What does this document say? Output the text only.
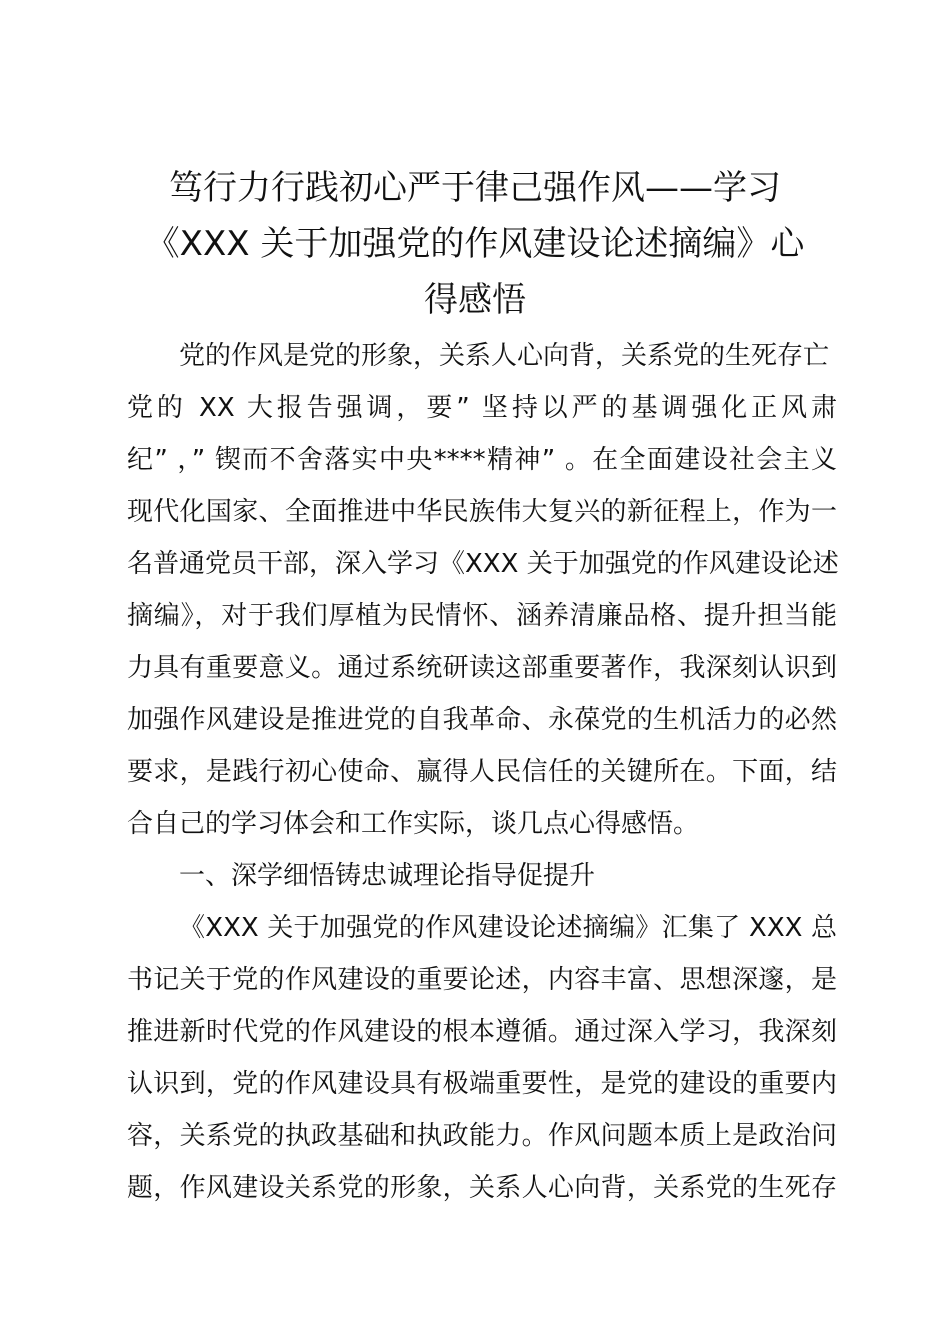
笃行力行践初心严于律己强作风——学习
《XXX 关于加强党的作风建设论述摘编》心
得感悟
党的作风是党的形象，关系人心向背，关系党的生死存亡
党的 XX 大报告强调，要” 坚持以严的基调强化正风肃
纪” ，” 锲而不舍落实中央****精神” 。在全面建设社会主义
现代化国家、全面推进中华民族伟大复兴的新征程上，作为一
名普通党员干部，深入学习《XXX 关于加强党的作风建设论述
摘编》，对于我们厚植为民情怀、涵养清廉品格、提升担当能
力具有重要意义。通过系统研读这部重要著作，我深刻认识到
加强作风建设是推进党的自我革命、永葆党的生机活力的必然
要求，是践行初心使命、赢得人民信任的关键所在。下面，结
合自己的学习体会和工作实际，谈几点心得感悟。
一、深学细悟铸忠诚理论指导促提升
《XXX 关于加强党的作风建设论述摘编》汇集了 XXX 总
书记关于党的作风建设的重要论述，内容丰富、思想深邃，是
推进新时代党的作风建设的根本遵循。通过深入学习，我深刻
认识到，党的作风建设具有极端重要性，是党的建设的重要内
容，关系党的执政基础和执政能力。作风问题本质上是政治问
题，作风建设关系党的形象，关系人心向背，关系党的生死存
